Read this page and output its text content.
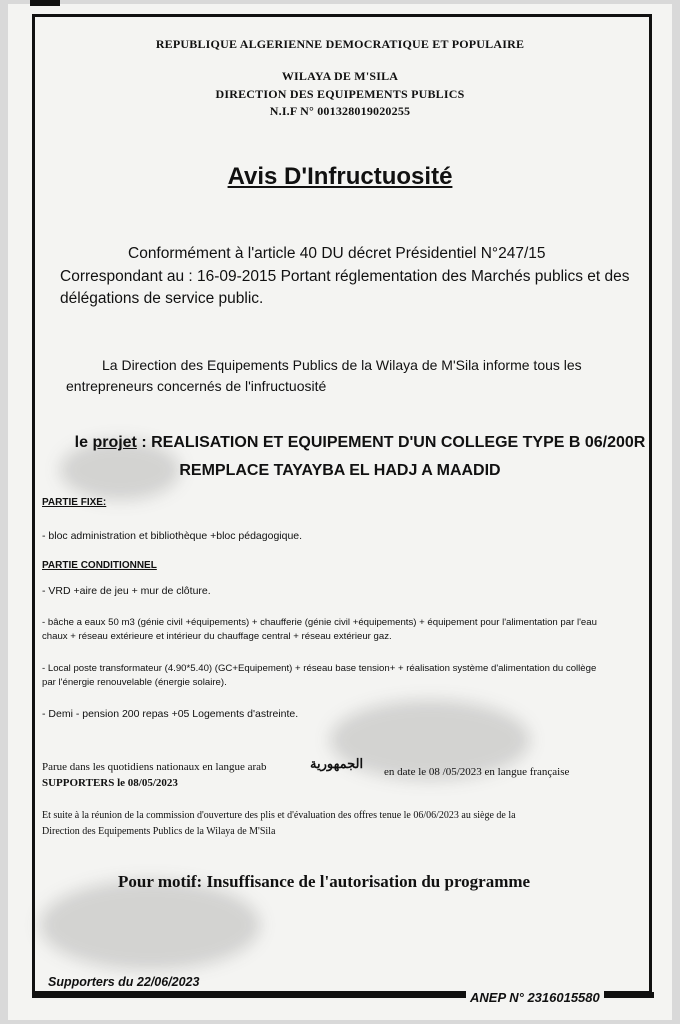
REPUBLIQUE ALGERIENNE DEMOCRATIQUE ET POPULAIRE
WILAYA DE M'SILA
DIRECTION DES EQUIPEMENTS PUBLICS
N.I.F N° 001328019020255
Avis D'Infructuosité
Conformément à l'article 40 DU décret Présidentiel N°247/15
Correspondant au : 16-09-2015 Portant réglementation des Marchés publics et des
délégations de service public.
La Direction des Equipements Publics de la Wilaya de M'Sila informe tous les
entrepreneurs concernés de l'infructuosité
le projet : REALISATION ET EQUIPEMENT D'UN COLLEGE TYPE B 06/200R
REMPLACE TAYAYBA EL HADJ A MAADID
PARTIE FIXE:
- bloc administration et bibliothèque +bloc pédagogique.
PARTIE CONDITIONNEL
- VRD +aire de jeu + mur de clôture.
- bâche a eaux 50 m3 (génie civil +équipements) + chaufferie (génie civil +équipements) + équipement pour l'alimentation par l'eau
chaux + réseau extérieure et intérieur du chauffage central + réseau extérieur gaz.
- Local poste transformateur (4.90*5.40) (GC+Equipement) + réseau base tension+ + réalisation système d'alimentation du collège
par l'énergie renouvelable (énergie solaire).
- Demi - pension 200 repas +05 Logements d'astreinte.
Parue dans les quotidiens nationaux en langue arab	الجمهورية
en date le 08 /05/2023 en langue française
SUPPORTERS le 08/05/2023
Et suite à la réunion de la commission d'ouverture des plis et d'évaluation des offres tenue le 06/06/2023 au siège de la
Direction des Equipements Publics de la Wilaya de M'Sila
Pour motif: Insuffisance de l'autorisation du programme
Supporters du 22/06/2023
ANEP N° 2316015580
